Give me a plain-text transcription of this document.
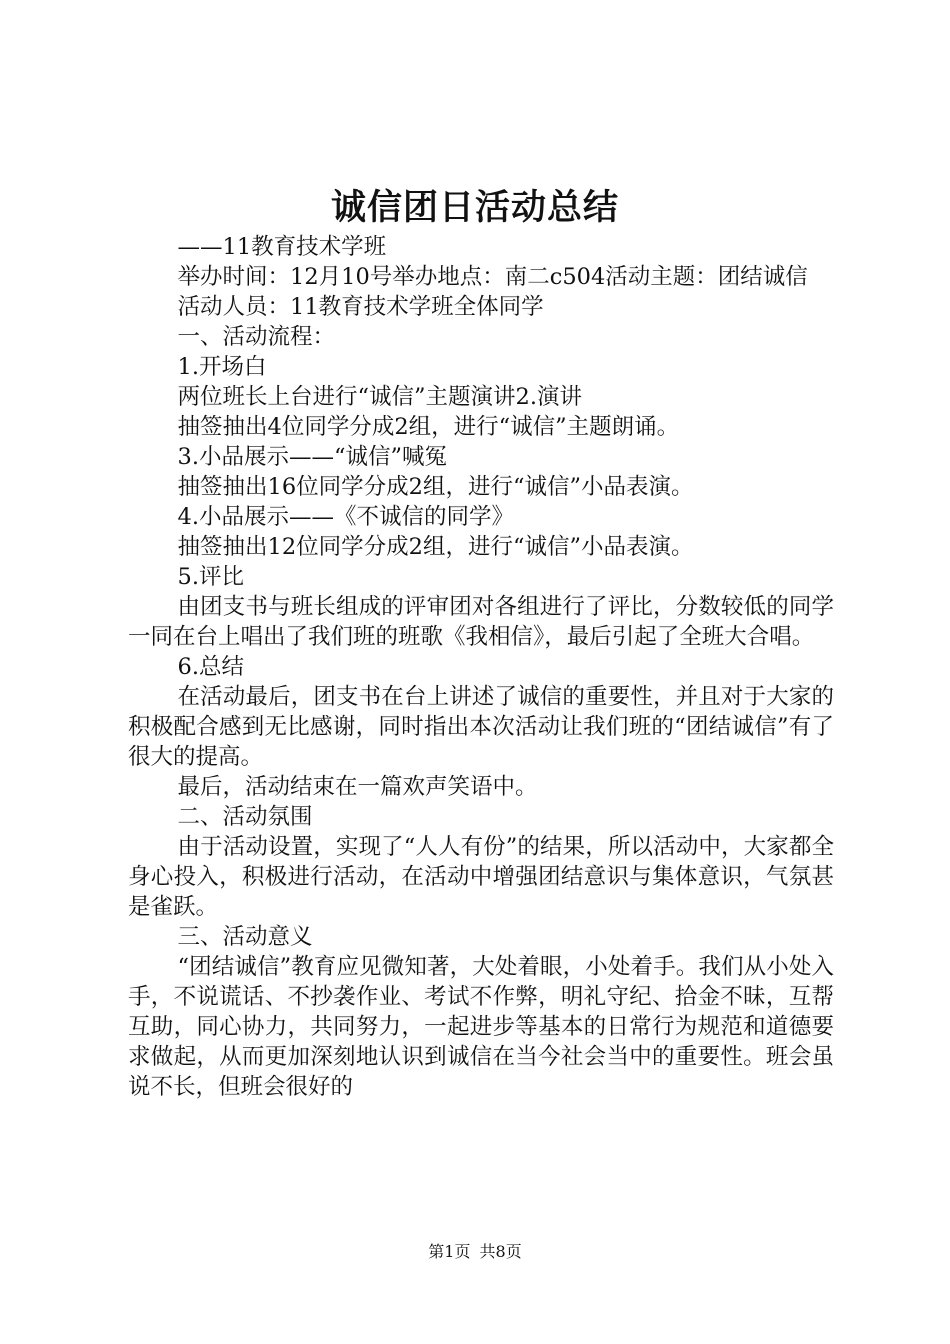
诚信团日活动总结

——11教育技术学班

举办时间：12月10号举办地点：南二c504活动主题：团结诚信

活动人员：11教育技术学班全体同学

一、活动流程：

1.开场白

两位班长上台进行“诚信”主题演讲2.演讲

抽签抽出4位同学分成2组，进行“诚信”主题朗诵。

3.小品展示——“诚信”喊冤

抽签抽出16位同学分成2组，进行“诚信”小品表演。

4.小品展示——《不诚信的同学》

抽签抽出12位同学分成2组，进行“诚信”小品表演。

5.评比

由团支书与班长组成的评审团对各组进行了评比，分数较低的同学一同在台上唱出了我们班的班歌《我相信》，最后引起了全班大合唱。

6.总结

在活动最后，团支书在台上讲述了诚信的重要性，并且对于大家的积极配合感到无比感谢，同时指出本次活动让我们班的“团结诚信”有了很大的提高。

最后，活动结束在一篇欢声笑语中。

二、活动氛围

由于活动设置，实现了“人人有份”的结果，所以活动中，大家都全身心投入，积极进行活动，在活动中增强团结意识与集体意识，气氛甚是雀跃。

三、活动意义

“团结诚信”教育应见微知著，大处着眼，小处着手。我们从小处入手，不说谎话、不抄袭作业、考试不作弊，明礼守纪、拾金不昧，互帮互助，同心协力，共同努力，一起进步等基本的日常行为规范和道德要求做起，从而更加深刻地认识到诚信在当今社会当中的重要性。班会虽说不长，但班会很好的

第1页 共8页
